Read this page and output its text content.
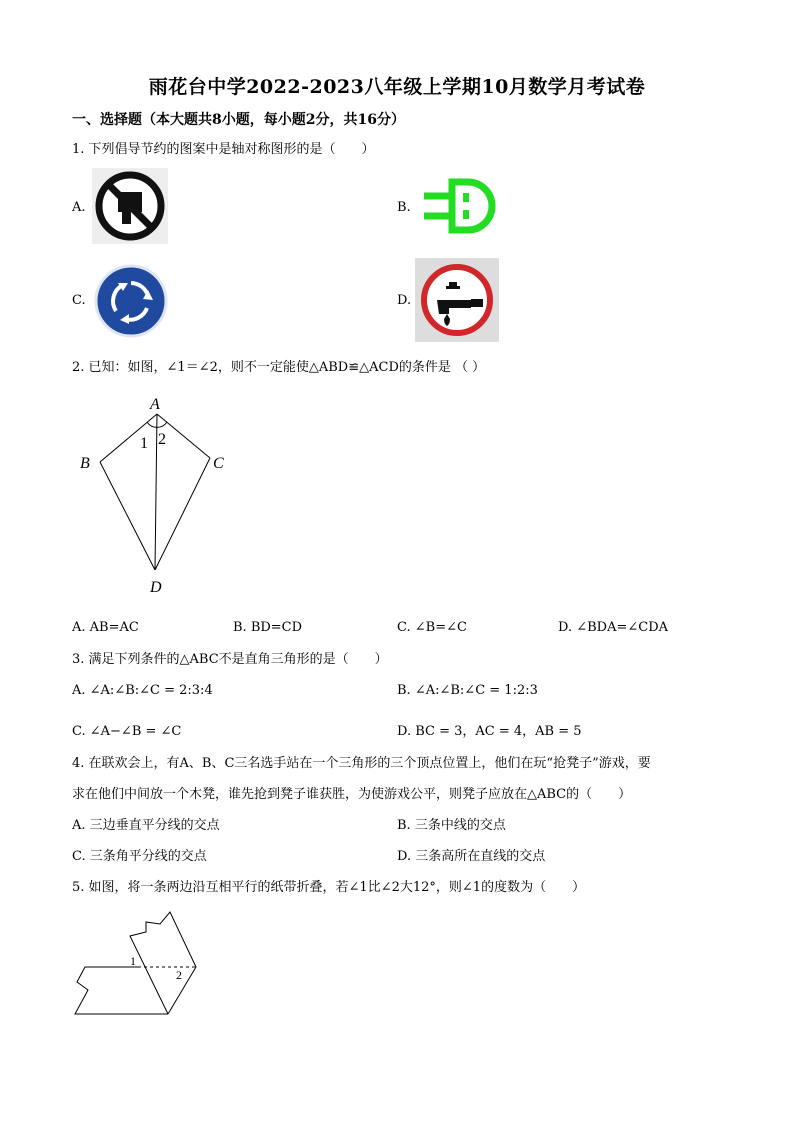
雨花台中学2022-2023八年级上学期10月数学月考试卷
一、选择题（本大题共8小题，每小题2分，共16分）
1. 下列倡导节约的图案中是轴对称图形的是（　　）
A.	B.
C.	D.
2. 已知：如图，∠1＝∠2，则不一定能使△ABD≌△ACD的条件是 （ ）
A
B	C
D
1 2
A. AB=AC	B. BD=CD	C. ∠B=∠C	D. ∠BDA=∠CDA
3. 满足下列条件的△ABC不是直角三角形的是（　　）
A. ∠A:∠B:∠C = 2:3:4	B. ∠A:∠B:∠C = 1:2:3
C. ∠A−∠B = ∠C	D. BC = 3，AC = 4，AB = 5
4. 在联欢会上，有A、B、C三名选手站在一个三角形的三个顶点位置上，他们在玩“抢凳子”游戏，要
求在他们中间放一个木凳，谁先抢到凳子谁获胜，为使游戏公平，则凳子应放在△ABC的（　　）
A. 三边垂直平分线的交点	B. 三条中线的交点
C. 三条角平分线的交点	D. 三条高所在直线的交点
5. 如图，将一条两边沿互相平行的纸带折叠，若∠1比∠2大12°，则∠1的度数为（　　）
1
2
